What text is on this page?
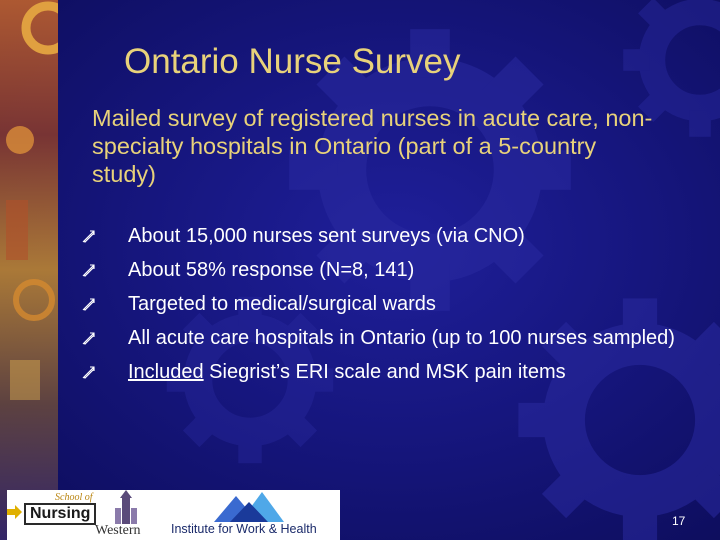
Ontario Nurse Survey
Mailed survey of registered nurses in acute care, non-specialty hospitals in Ontario (part of a 5-country study)
About 15,000 nurses sent surveys (via CNO)
About 58% response (N=8, 141)
Targeted to medical/surgical wards
All acute care hospitals in Ontario (up to 100 nurses sampled)
Included Siegrist’s ERI scale and MSK pain items
School of
Nursing
Western Institute for Work & Health
17
